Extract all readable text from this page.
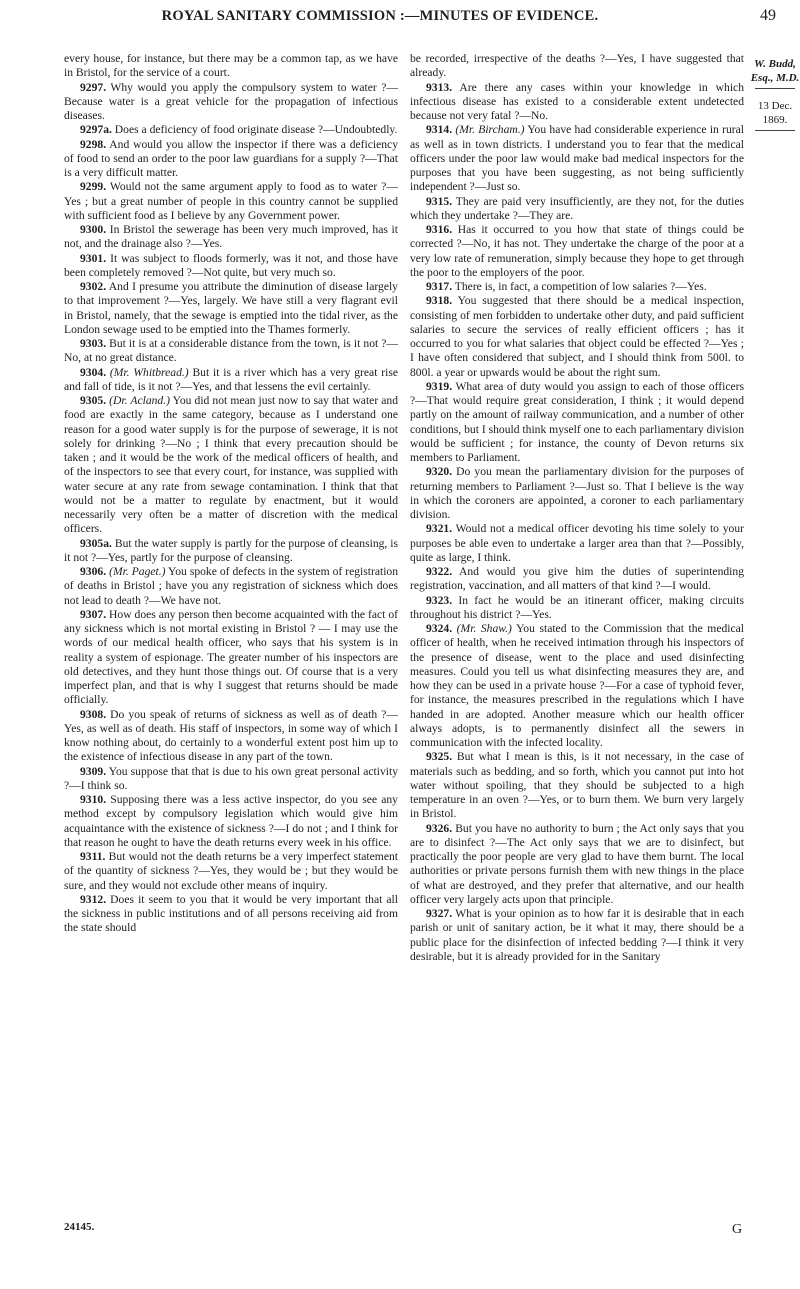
ROYAL SANITARY COMMISSION :—MINUTES OF EVIDENCE.	49

every house, for instance, but there may be a common tap, as we have in Bristol, for the service of a court.

9297. Why would you apply the compulsory system to water ?—Because water is a great vehicle for the propagation of infectious diseases.

9297a. Does a deficiency of food originate disease ?—Undoubtedly.

9298. And would you allow the inspector if there was a deficiency of food to send an order to the poor law guardians for a supply ?—That is a very difficult matter.

9299. Would not the same argument apply to food as to water ?—Yes ; but a great number of people in this country cannot be supplied with sufficient food as I believe by any Government power.

9300. In Bristol the sewerage has been very much improved, has it not, and the drainage also ?—Yes.

9301. It was subject to floods formerly, was it not, and those have been completely removed ?—Not quite, but very much so.

9302. And I presume you attribute the diminution of disease largely to that improvement ?—Yes, largely. We have still a very flagrant evil in Bristol, namely, that the sewage is emptied into the tidal river, as the London sewage used to be emptied into the Thames formerly.

9303. But it is at a considerable distance from the town, is it not ?—No, at no great distance.

9304. (Mr. Whitbread.) But it is a river which has a very great rise and fall of tide, is it not ?—Yes, and that lessens the evil certainly.

9305. (Dr. Acland.) You did not mean just now to say that water and food are exactly in the same category, because as I understand one reason for a good water supply is for the purpose of sewerage, it is not solely for drinking ?—No ; I think that every precaution should be taken ; and it would be the work of the medical officers of health, and of the inspectors to see that every court, for instance, was supplied with water secure at any rate from sewage contamination. I think that that would not be a matter to regulate by enactment, but it would necessarily very often be a matter of discretion with the medical officers.

9305a. But the water supply is partly for the purpose of cleansing, is it not ?—Yes, partly for the purpose of cleansing.

9306. (Mr. Paget.) You spoke of defects in the system of registration of deaths in Bristol ; have you any registration of sickness which does not lead to death ?—We have not.

9307. How does any person then become acquainted with the fact of any sickness which is not mortal existing in Bristol ? — I may use the words of our medical health officer, who says that his system is in reality a system of espionage. The greater number of his inspectors are old detectives, and they hunt those things out. Of course that is a very imperfect plan, and that is why I suggest that returns should be made officially.

9308. Do you speak of returns of sickness as well as of death ?—Yes, as well as of death. His staff of inspectors, in some way of which I know nothing about, do certainly to a wonderful extent post him up to the existence of infectious disease in any part of the town.

9309. You suppose that that is due to his own great personal activity ?—I think so.

9310. Supposing there was a less active inspector, do you see any method except by compulsory legislation which would give him acquaintance with the existence of sickness ?—I do not ; and I think for that reason he ought to have the death returns every week in his office.

9311. But would not the death returns be a very imperfect statement of the quantity of sickness ?—Yes, they would be ; but they would be sure, and they would not exclude other means of inquiry.

9312. Does it seem to you that it would be very important that all the sickness in public institutions and of all persons receiving aid from the state should

be recorded, irrespective of the deaths ?—Yes, I have suggested that already.

9313. Are there any cases within your knowledge in which infectious disease has existed to a considerable extent undetected because not very fatal ?—No.

9314. (Mr. Bircham.) You have had considerable experience in rural as well as in town districts. I understand you to fear that the medical officers under the poor law would make bad medical inspectors for the purposes that you have been suggesting, as not being sufficiently independent ?—Just so.

9315. They are paid very insufficiently, are they not, for the duties which they undertake ?—They are.

9316. Has it occurred to you how that state of things could be corrected ?—No, it has not. They undertake the charge of the poor at a very low rate of remuneration, simply because they hope to get through the poor to the employers of the poor.

9317. There is, in fact, a competition of low salaries ?—Yes.

9318. You suggested that there should be a medical inspection, consisting of men forbidden to undertake other duty, and paid sufficient salaries to secure the services of really efficient officers ; has it occurred to you for what salaries that object could be effected ?—Yes ; I have often considered that subject, and I should think from 500l. to 800l. a year or upwards would be about the right sum.

9319. What area of duty would you assign to each of those officers ?—That would require great consideration, I think ; it would depend partly on the amount of railway communication, and a number of other conditions, but I should think myself one to each parliamentary division would be sufficient ; for instance, the county of Devon returns six members to Parliament.

9320. Do you mean the parliamentary division for the purposes of returning members to Parliament ?—Just so. That I believe is the way in which the coroners are appointed, a coroner to each parliamentary division.

9321. Would not a medical officer devoting his time solely to your purposes be able even to undertake a larger area than that ?—Possibly, quite as large, I think.

9322. And would you give him the duties of superintending registration, vaccination, and all matters of that kind ?—I would.

9323. In fact he would be an itinerant officer, making circuits throughout his district ?—Yes.

9324. (Mr. Shaw.) You stated to the Commission that the medical officer of health, when he received intimation through his inspectors of the presence of disease, went to the place and used disinfecting measures. Could you tell us what disinfecting measures they are, and how they can be used in a private house ?—For a case of typhoid fever, for instance, the measures prescribed in the regulations which I have handed in are adopted. Another measure which our health officer always adopts, is to permanently disinfect all the sewers in communication with the infected locality.

9325. But what I mean is this, is it not necessary, in the case of materials such as bedding, and so forth, which you cannot put into hot water without spoiling, that they should be subjected to a high temperature in an oven ?—Yes, or to burn them. We burn very largely in Bristol.

9326. But you have no authority to burn ; the Act only says that you are to disinfect ?—The Act only says that we are to disinfect, but practically the poor people are very glad to have them burnt. The local authorities or private persons furnish them with new things in the place of what are destroyed, and they prefer that alternative, and our health officer very largely acts upon that principle.

9327. What is your opinion as to how far it is desirable that in each parish or unit of sanitary action, be it what it may, there should be a public place for the disinfection of infected bedding ?—I think it very desirable, but it is already provided for in the Sanitary

W. Budd, Esq., M.D.
13 Dec. 1869.
24145.	G
